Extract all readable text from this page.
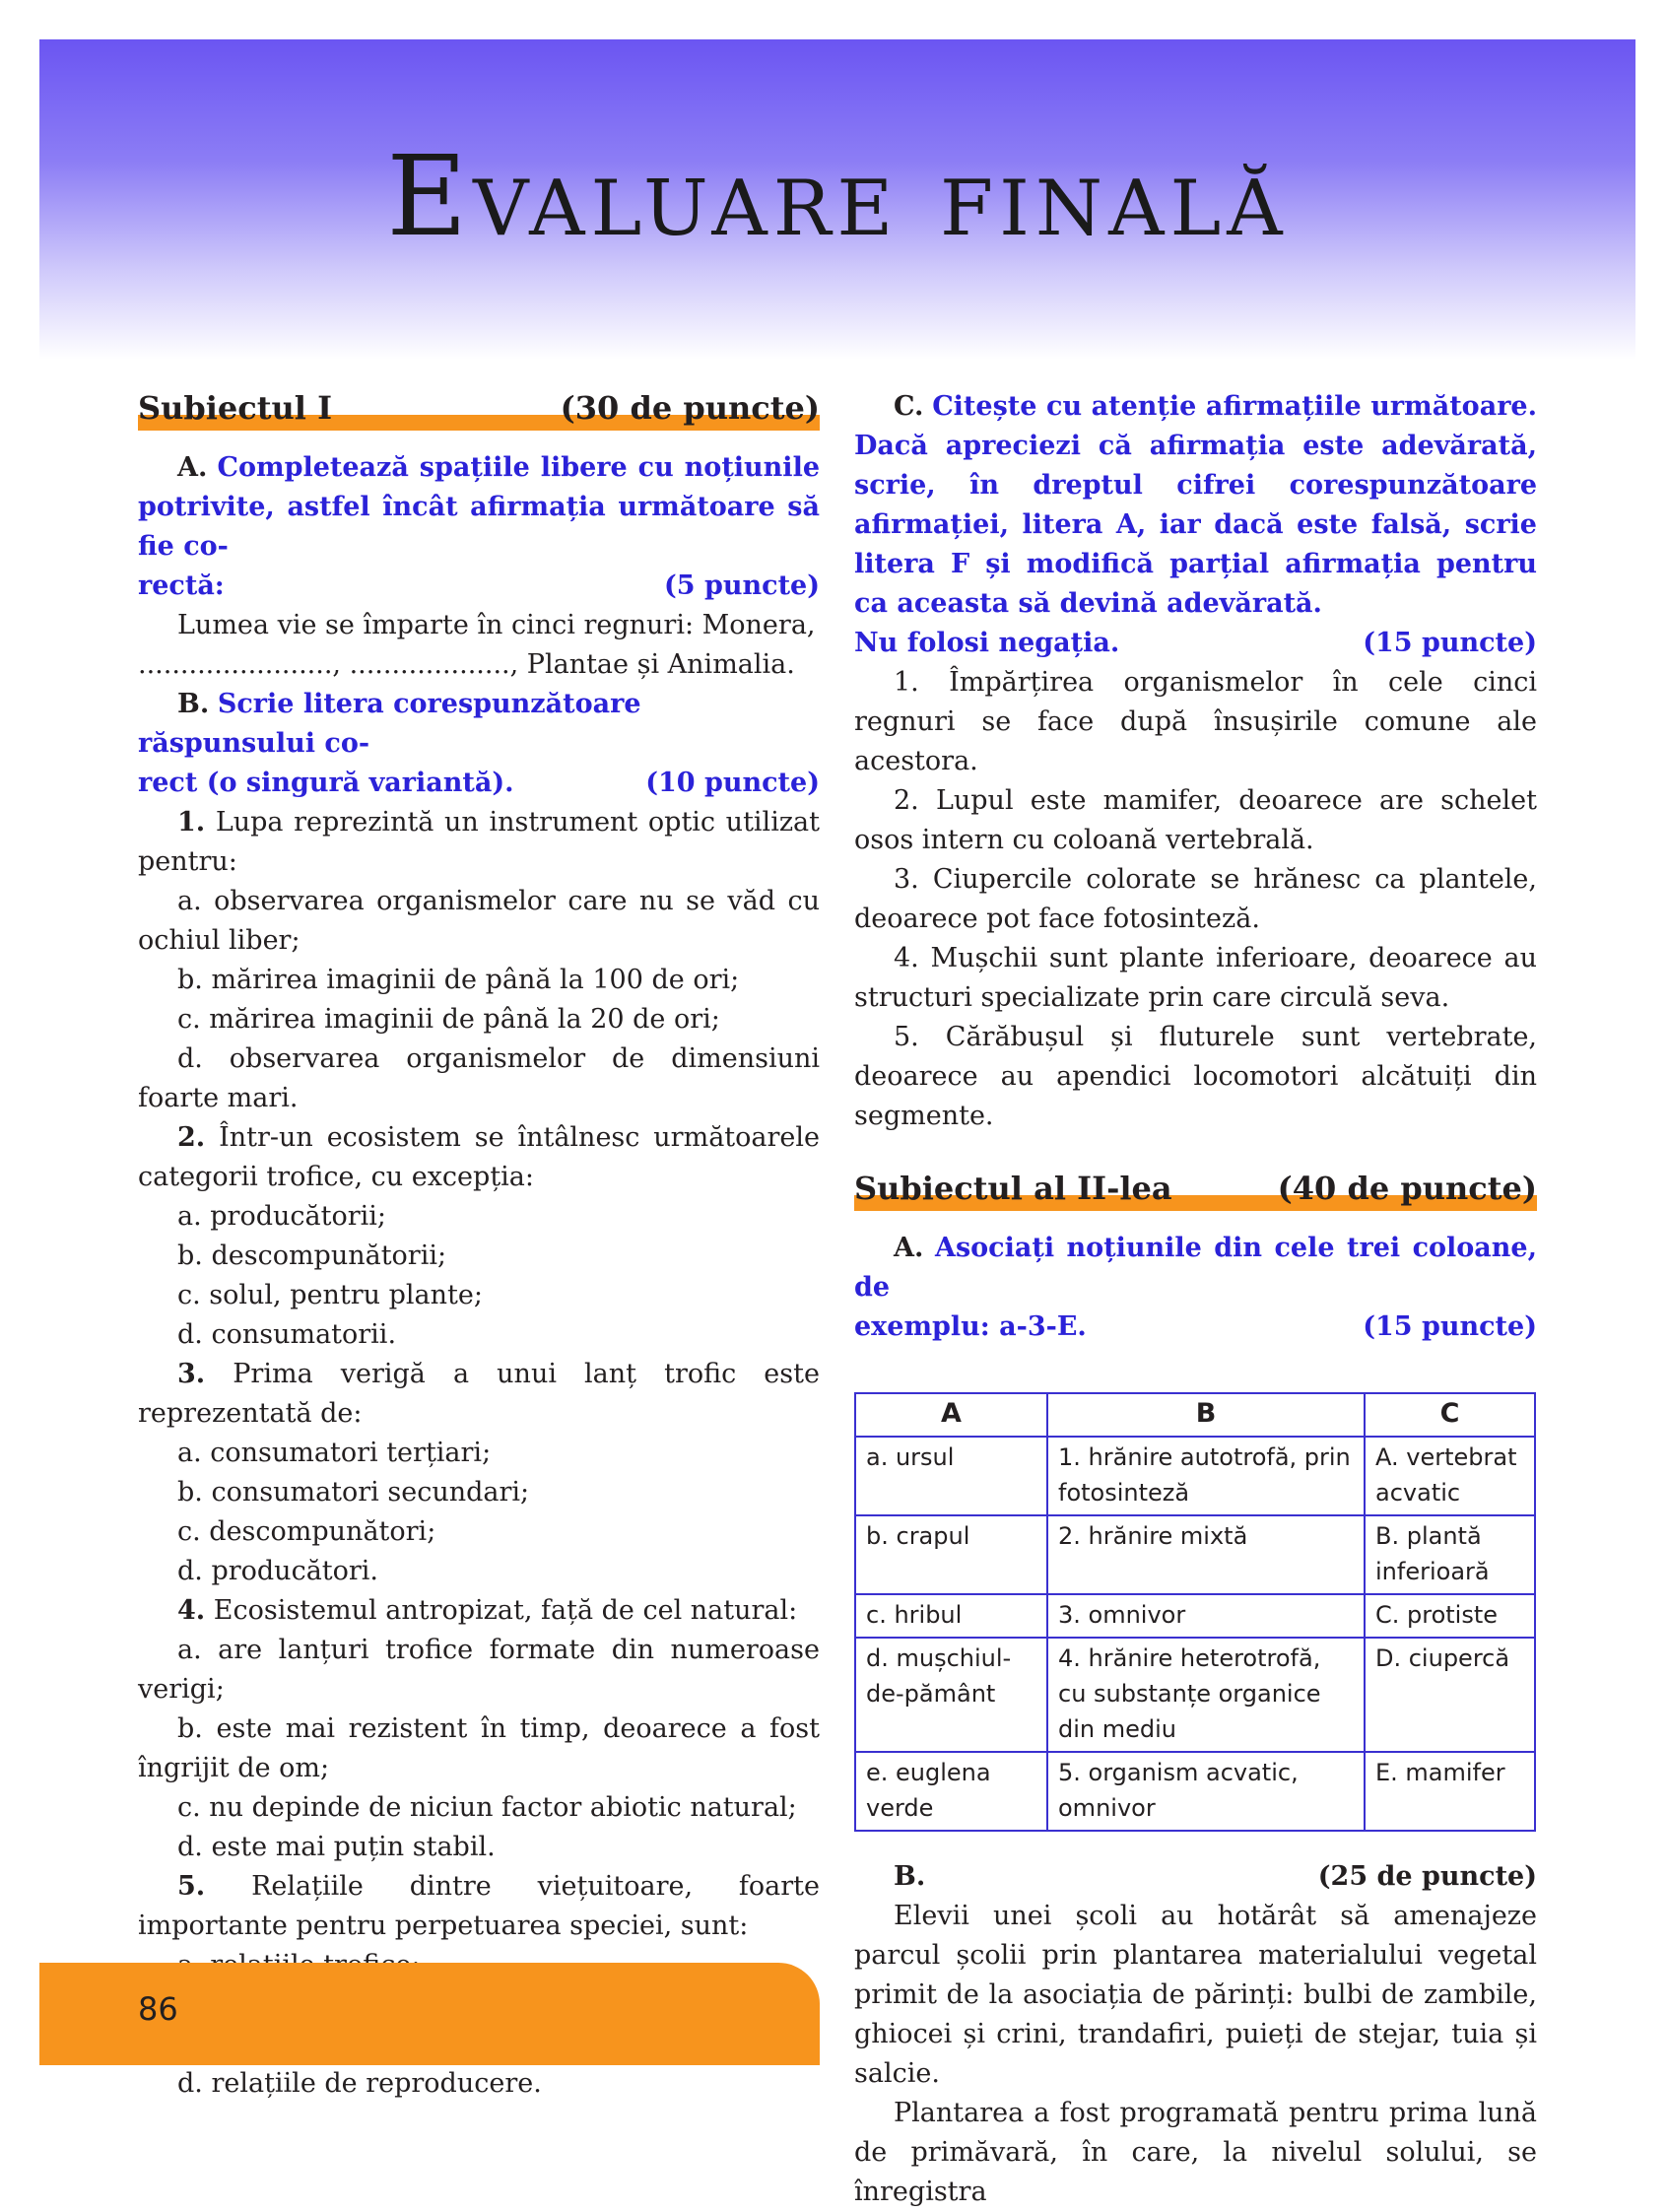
Evaluare finală
Subiectul I	(30 de puncte)

A. Completează spațiile libere cu noțiunile potrivite, astfel încât afirmația următoare să fie co-

rectă:	(5 puncte)

Lumea vie se împarte în cinci regnuri: Monera,

......................., ..................., Plantae și Animalia.

B. Scrie litera corespunzătoare răspunsului co-

rect (o singură variantă).	(10 puncte)

1. Lupa reprezintă un instrument optic utilizat pentru:

a. observarea organismelor care nu se văd cu ochiul liber;

b. mărirea imaginii de până la 100 de ori;

c. mărirea imaginii de până la 20 de ori;

d. observarea organismelor de dimensiuni foarte mari.

2. Într-un ecosistem se întâlnesc următoarele categorii trofice, cu excepția:

a. producătorii;

b. descompunătorii;

c. solul, pentru plante;

d. consumatorii.

3. Prima verigă a unui lanț trofic este reprezentată de:

a. consumatori terțiari;

b. consumatori secundari;

c. descompunători;

d. producători.

4. Ecosistemul antropizat, față de cel natural:

a. are lanțuri trofice formate din numeroase verigi;

b. este mai rezistent în timp, deoarece a fost îngrijit de om;

c. nu depinde de niciun factor abiotic natural;

d. este mai puțin stabil.

5. Relațiile dintre viețuitoare, foarte importante pentru perpetuarea speciei, sunt:

d. relațiile de reproducere.

C. Citește cu atenție afirmațiile următoare. Dacă apreciezi că afirmația este adevărată, scrie, în dreptul cifrei corespunzătoare afirmației, litera A, iar dacă este falsă, scrie litera F și modifică parțial afirmația pentru ca aceasta să devină adevărată.

Nu folosi negația.	(15 puncte)

1. Împărțirea organismelor în cele cinci regnuri se face după însușirile comune ale acestora.

2. Lupul este mamifer, deoarece are schelet osos intern cu coloană vertebrală.

3. Ciupercile colorate se hrănesc ca plantele, deoarece pot face fotosinteză.

4. Mușchii sunt plante inferioare, deoarece au structuri specializate prin care circulă seva.

5. Cărăbușul și fluturele sunt vertebrate, deoarece au apendici locomotori alcătuiți din segmente.

Subiectul al II-lea	(40 de puncte)

A. Asociați noțiunile din cele trei coloane, de

exemplu: a-3-E.	(15 puncte)
A	B	C
a. ursul	1. hrănire autotrofă, prin fotosinteză	A. vertebrat acvatic
b. crapul	2. hrănire mixtă	B. plantă inferioară
c. hribul	3. omnivor	C. protiste
d. mușchiul-de-pământ	4. hrănire heterotrofă, cu substanțe organice din mediu	D. ciupercă
e. euglena verde	5. organism acvatic, omnivor	E. mamifer
B.	(25 de puncte)

Elevii unei școli au hotărât să amenajeze parcul școlii prin plantarea materialului vegetal primit de la asociația de părinți: bulbi de zambile, ghiocei și crini, trandafiri, puieți de stejar, tuia și salcie.

Plantarea a fost programată pentru prima lună de primăvară, în care, la nivelul solului, se înregistra

86
